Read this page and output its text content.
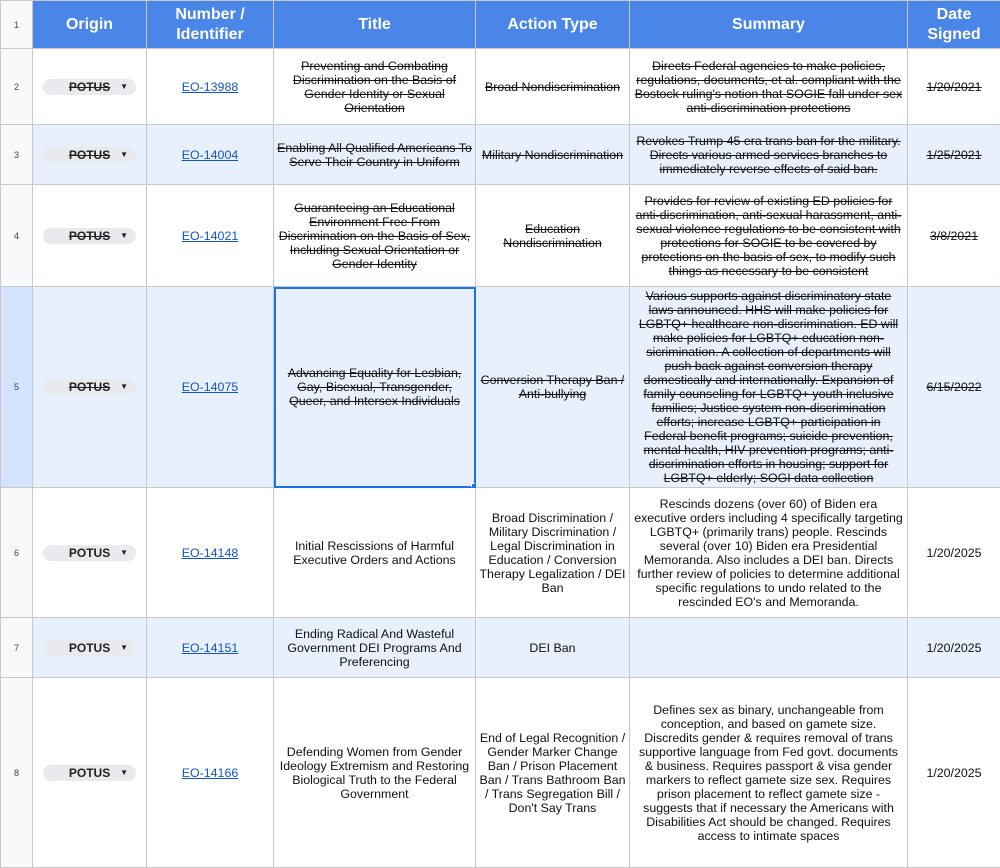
1	Origin	Number / Identifier	Title	Action Type	Summary	Date Signed
2	POTUS ▼	EO-13988	Preventing and Combating Discrimination on the Basis of Gender Identity or Sexual Orientation	Broad Nondiscrimination	Directs Federal agencies to make policies, regulations, documents, et al. compliant with the Bostock ruling's notion that SOGIE fall under sex anti-discrimination protections	1/20/2021
3	POTUS ▼	EO-14004	Enabling All Qualified Americans To Serve Their Country in Uniform	Military Nondiscrimination	Revokes Trump 45 era trans ban for the military. Directs various armed services branches to immediately reverse effects of said ban.	1/25/2021
4	POTUS ▼	EO-14021	Guaranteeing an Educational Environment Free From Discrimination on the Basis of Sex, Including Sexual Orientation or Gender Identity	Education Nondiscrimination	Provides for review of existing ED policies for anti-discrimination, anti-sexual harassment, anti-sexual violence regulations to be consistent with protections for SOGIE to be covered by protections on the basis of sex, to modify such things as necessary to be consistent	3/8/2021
5	POTUS ▼	EO-14075	Advancing Equality for Lesbian, Gay, Bisexual, Transgender, Queer, and Intersex Individuals	Conversion Therapy Ban / Anti-bullying	Various supports against discriminatory state laws announced. HHS will make policies for LGBTQ+ healthcare non-discrimination. ED will make policies for LGBTQ+ education non-sicrimination. A collection of departments will push back against conversion therapy domestically and internationally. Expansion of family counseling for LGBTQ+ youth inclusive families; Justice system non-discrimination efforts; increase LGBTQ+ participation in Federal benefit programs; suicide prevention, mental health, HIV prevention programs; anti-discrimination efforts in housing; support for LGBTQ+ elderly; SOGI data collection	6/15/2022
6	POTUS ▼	EO-14148	Initial Rescissions of Harmful Executive Orders and Actions	Broad Discrimination / Military Discrimination / Legal Discrimination in Education / Conversion Therapy Legalization / DEI Ban	Rescinds dozens (over 60) of Biden era executive orders including 4 specifically targeting LGBTQ+ (primarily trans) people. Rescinds several (over 10) Biden era Presidential Memoranda. Also includes a DEI ban. Directs further review of policies to determine additional specific regulations to undo related to the rescinded EO's and Memoranda.	1/20/2025
7	POTUS ▼	EO-14151	Ending Radical And Wasteful Government DEI Programs And Preferencing	DEI Ban		1/20/2025
8	POTUS ▼	EO-14166	Defending Women from Gender Ideology Extremism and Restoring Biological Truth to the Federal Government	End of Legal Recognition / Gender Marker Change Ban / Prison Placement Ban / Trans Bathroom Ban / Trans Segregation Bill / Don't Say Trans	Defines sex as binary, unchangeable from conception, and based on gamete size. Discredits gender & requires removal of trans supportive language from Fed govt. documents & business. Requires passport & visa gender markers to reflect gamete size sex. Requires prison placement to reflect gamete size - suggests that if necessary the Americans with Disabilities Act should be changed. Requires access to intimate spaces	1/20/2025
